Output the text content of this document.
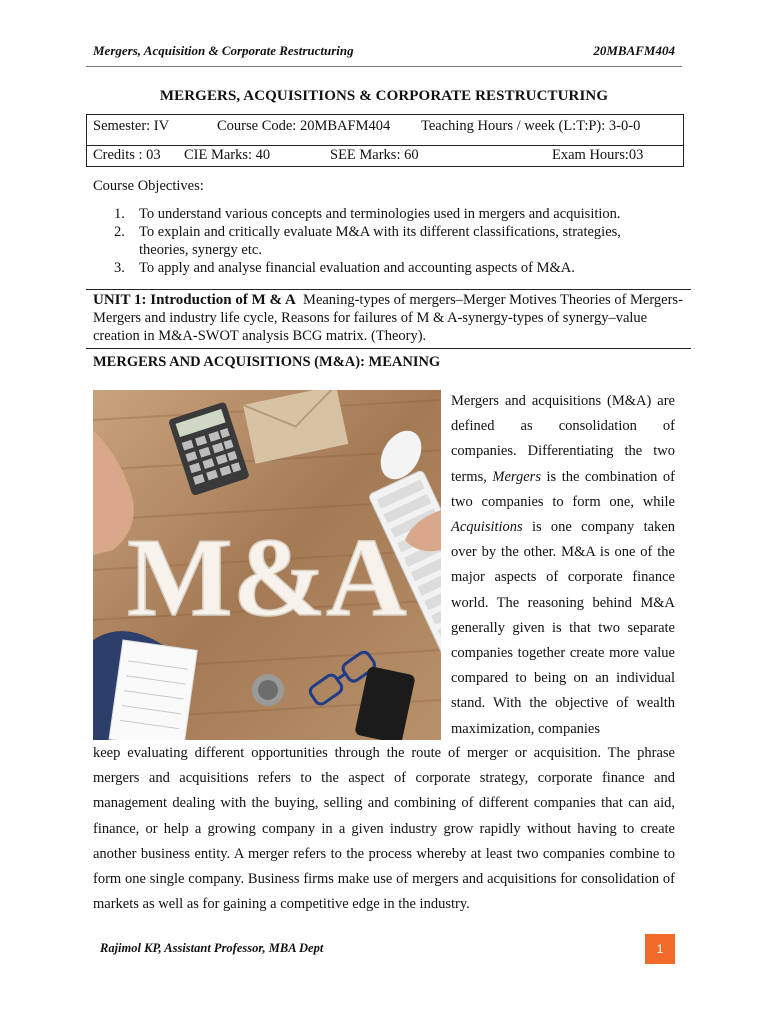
Mergers, Acquisition & Corporate Restructuring	20MBAFM404
MERGERS, ACQUISITIONS & CORPORATE RESTRUCTURING
Semester: IV	Course Code: 20MBAFM404 Teaching Hours / week (L:T:P): 3-0-0
Credits : 03 CIE Marks: 40	SEE Marks: 60	Exam Hours:03
Course Objectives:
1. To understand various concepts and terminologies used in mergers and acquisition.
2. To explain and critically evaluate M&A with its different classifications, strategies, theories, synergy etc.
3. To apply and analyse financial evaluation and accounting aspects of M&A.
UNIT 1: Introduction of M & A Meaning-types of mergers–Merger Motives Theories of Mergers-Mergers and industry life cycle, Reasons for failures of M & A-synergy-types of synergy–value creation in M&A-SWOT analysis BCG matrix. (Theory).
MERGERS AND ACQUISITIONS (M&A): MEANING
M&A
Mergers and acquisitions (M&A) are defined as consolidation of companies. Differentiating the two terms, Mergers is the combination of two companies to form one, while Acquisitions is one company taken over by the other. M&A is one of the major aspects of corporate finance world. The reasoning behind M&A generally given is that two separate companies together create more value compared to being on an individual stand. With the objective of wealth maximization, companies
keep evaluating different opportunities through the route of merger or acquisition. The phrase mergers and acquisitions refers to the aspect of corporate strategy, corporate finance and management dealing with the buying, selling and combining of different companies that can aid, finance, or help a growing company in a given industry grow rapidly without having to create another business entity. A merger refers to the process whereby at least two companies combine to form one single company. Business firms make use of mergers and acquisitions for consolidation of markets as well as for gaining a competitive edge in the industry.
Rajimol KP, Assistant Professor, MBA Dept	1
